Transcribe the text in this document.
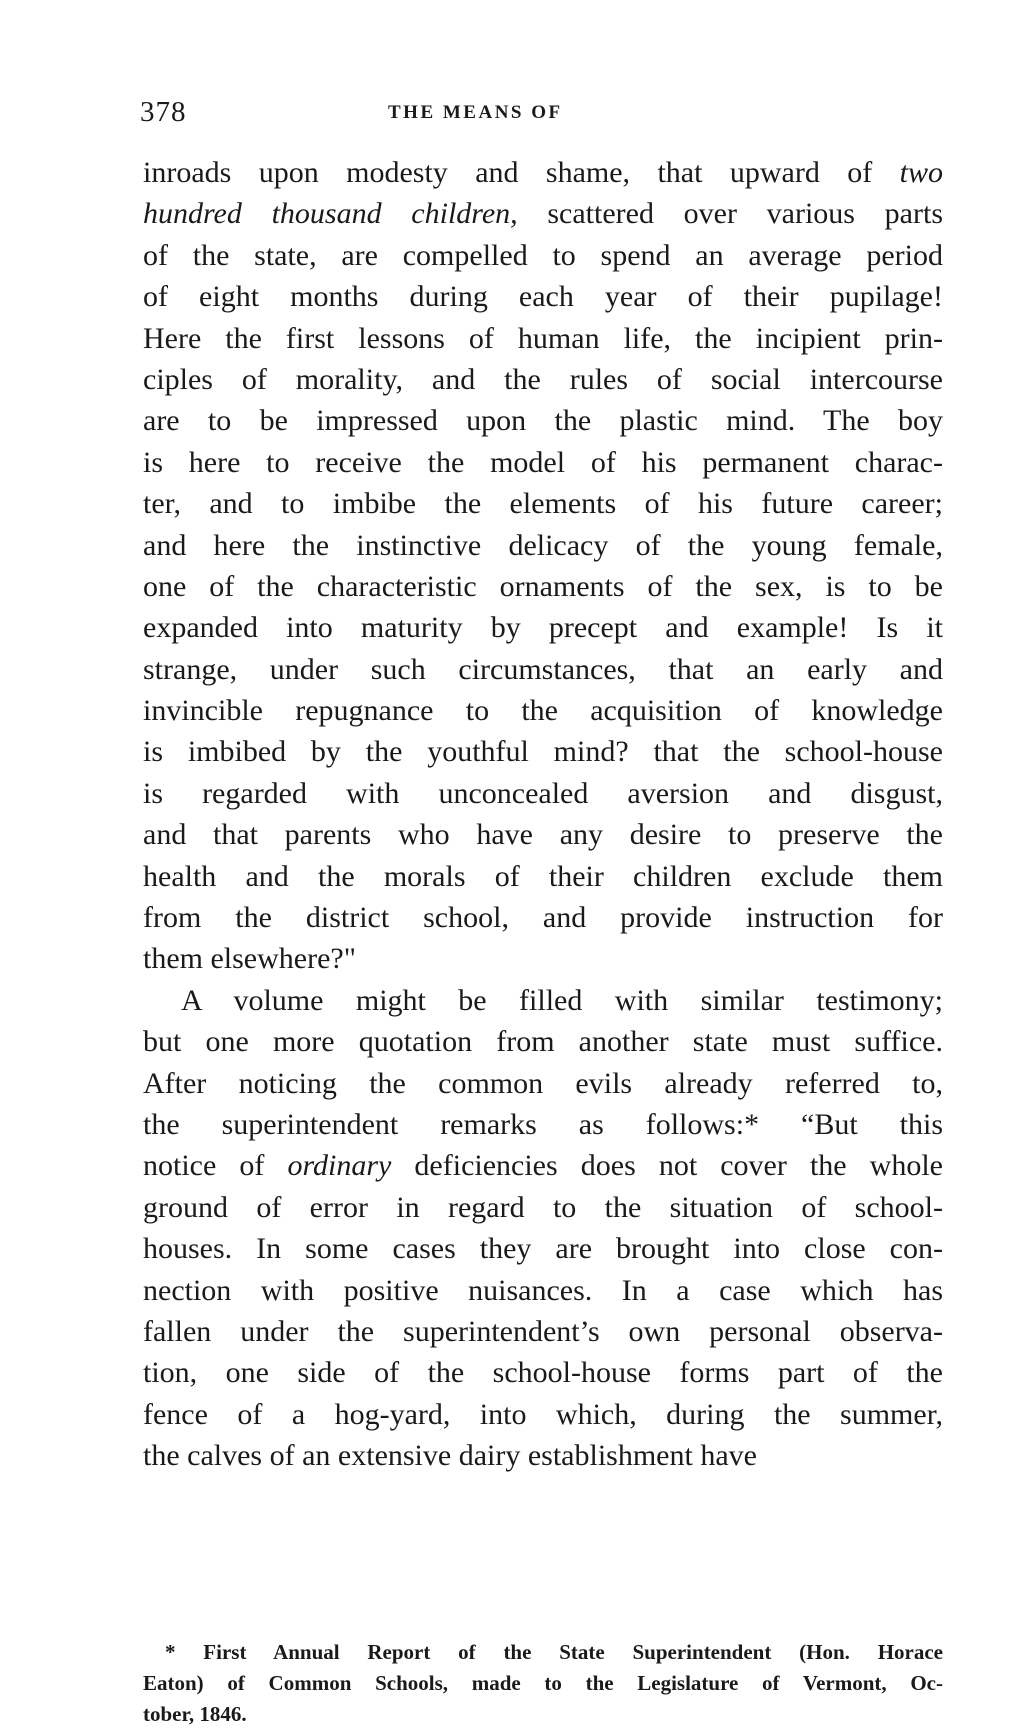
378	THE MEANS OF
inroads upon modesty and shame, that upward of two
hundred thousand children, scattered over various parts
of the state, are compelled to spend an average period
of eight months during each year of their pupilage!
Here the first lessons of human life, the incipient prin-
ciples of morality, and the rules of social intercourse
are to be impressed upon the plastic mind. The boy
is here to receive the model of his permanent charac-
ter, and to imbibe the elements of his future career;
and here the instinctive delicacy of the young female,
one of the characteristic ornaments of the sex, is to be
expanded into maturity by precept and example! Is it
strange, under such circumstances, that an early and
invincible repugnance to the acquisition of knowledge
is imbibed by the youthful mind? that the school-house
is regarded with unconcealed aversion and disgust,
and that parents who have any desire to preserve the
health and the morals of their children exclude them
from the district school, and provide instruction for
them elsewhere?"
A volume might be filled with similar testimony;
but one more quotation from another state must suffice.
After noticing the common evils already referred to,
the superintendent remarks as follows:* “But this
notice of ordinary deficiencies does not cover the whole
ground of error in regard to the situation of school-
houses. In some cases they are brought into close con-
nection with positive nuisances. In a case which has
fallen under the superintendent’s own personal observa-
tion, one side of the school-house forms part of the
fence of a hog-yard, into which, during the summer,
the calves of an extensive dairy establishment have
* First Annual Report of the State Superintendent (Hon. Horace
Eaton) of Common Schools, made to the Legislature of Vermont, Oc-
tober, 1846.
